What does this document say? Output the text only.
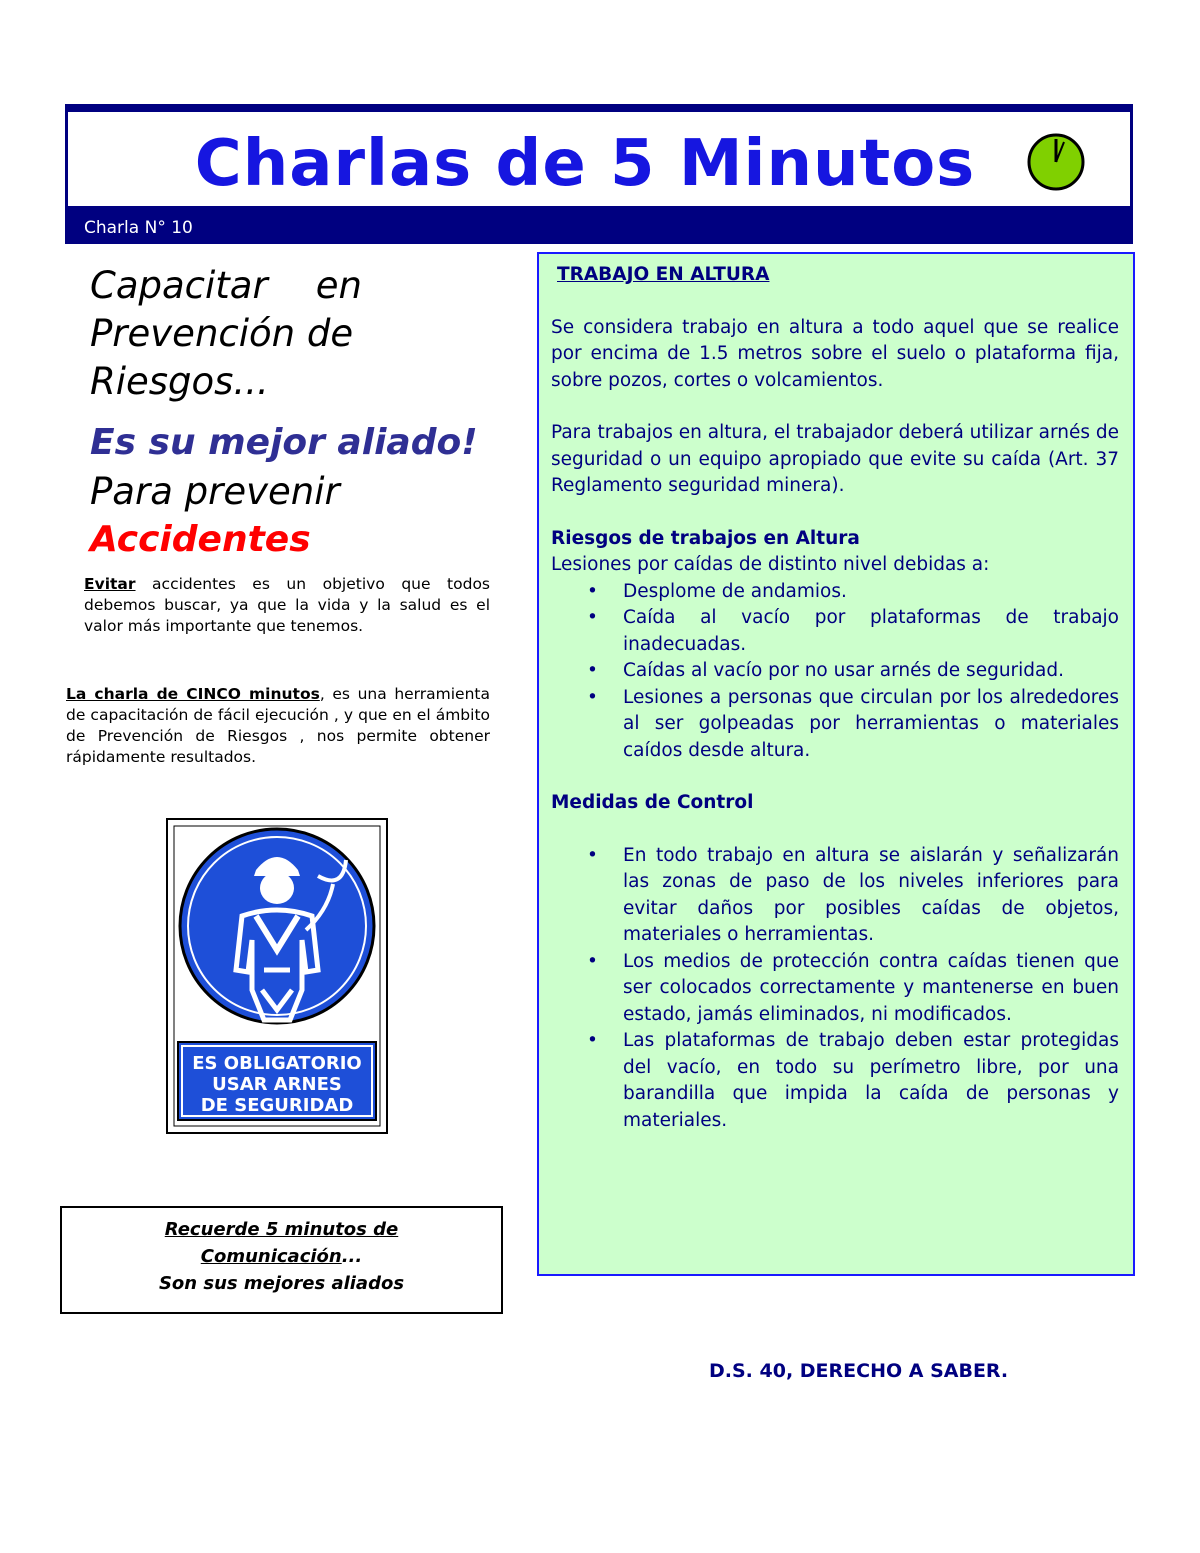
Charlas de 5 Minutos
Charla N° 10
Capacitar en
Prevención de
Riesgos...
Es su mejor aliado!
Para prevenir
Accidentes
Evitar accidentes es un objetivo que todos debemos buscar, ya que la vida y la salud es el valor más importante que tenemos.
La charla de CINCO minutos, es una herramienta de capacitación de fácil ejecución , y que en el ámbito de Prevención de Riesgos , nos permite obtener rápidamente resultados.
ES OBLIGATORIO
USAR ARNES
DE SEGURIDAD
Recuerde 5 minutos de
Comunicación...
Son sus mejores aliados

TRABAJO EN ALTURA

Se considera trabajo en altura a todo aquel que se realice por encima de 1.5 metros sobre el suelo o plataforma fija, sobre pozos, cortes o volcamientos.

Para trabajos en altura, el trabajador deberá utilizar arnés de seguridad o un equipo apropiado que evite su caída (Art. 37 Reglamento seguridad minera).

Riesgos de trabajos en Altura

Lesiones por caídas de distinto nivel debidas a:

• Desplome de andamios.
• Caída al vacío por plataformas de trabajo inadecuadas.
• Caídas al vacío por no usar arnés de seguridad.
• Lesiones a personas que circulan por los alrededores al ser golpeadas por herramientas o materiales caídos desde altura.

Medidas de Control

• En todo trabajo en altura se aislarán y señalizarán las zonas de paso de los niveles inferiores para evitar daños por posibles caídas de objetos, materiales o herramientas.
• Los medios de protección contra caídas tienen que ser colocados correctamente y mantenerse en buen estado, jamás eliminados, ni modificados.
• Las plataformas de trabajo deben estar protegidas del vacío, en todo su perímetro libre, por una barandilla que impida la caída de personas y materiales.
D.S. 40, DERECHO A SABER.
